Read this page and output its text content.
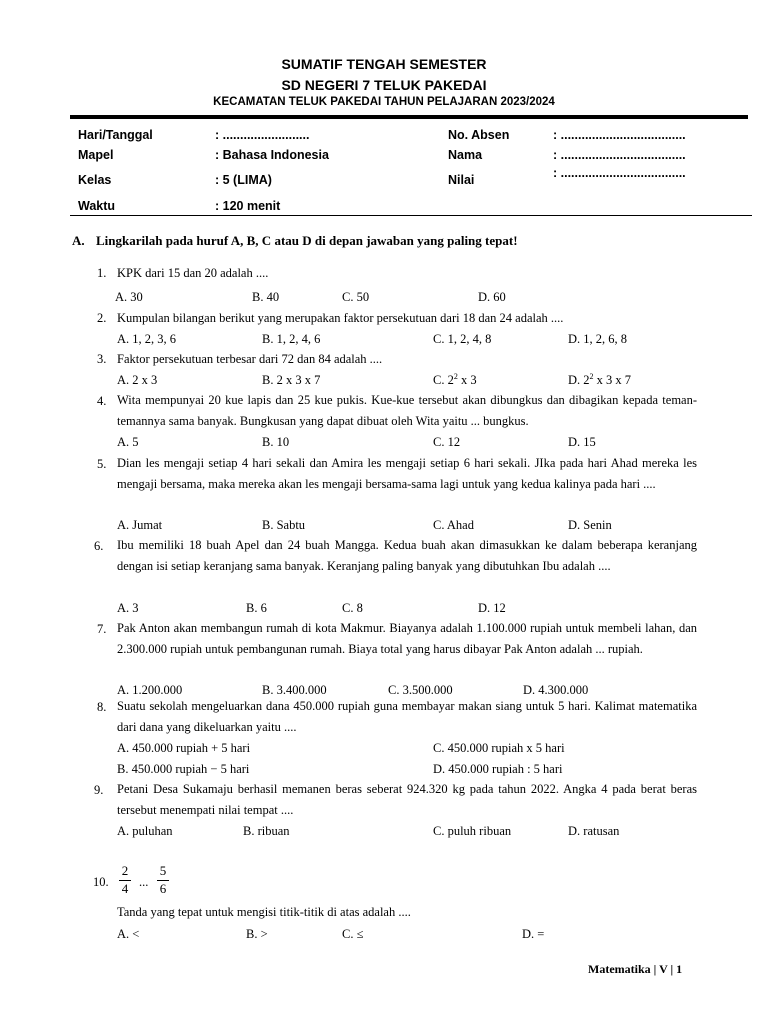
SUMATIF TENGAH SEMESTER
SD NEGERI 7 TELUK PAKEDAI
KECAMATAN TELUK PAKEDAI TAHUN PELAJARAN 2023/2024
Hari/Tanggal	: .........................
Mapel	: Bahasa Indonesia
Kelas	: 5 (LIMA)
Waktu	: 120 menit
No. Absen	: ....................................
Nama	: ....................................
Nilai	: ....................................
A. Lingkarilah pada huruf A, B, C atau D di depan jawaban yang paling tepat!
1. KPK dari 15 dan 20 adalah ....
A. 30	B. 40	C. 50	D. 60
2. Kumpulan bilangan berikut yang merupakan faktor persekutuan dari 18 dan 24 adalah ....
A. 1, 2, 3, 6	B. 1, 2, 4, 6	C. 1, 2, 4, 8	D. 1, 2, 6, 8
3. Faktor persekutuan terbesar dari 72 dan 84 adalah ....
A. 2 x 3	B. 2 x 3 x 7	C. $2^2$ x 3	D. $2^2$ x 3 x 7
4. Wita mempunyai 20 kue lapis dan 25 kue pukis. Kue-kue tersebut akan dibungkus dan dibagikan kepada teman-temannya sama banyak. Bungkusan yang dapat dibuat oleh Wita yaitu ... bungkus.
A. 5	B. 10	C. 12	D. 15
5. Dian les mengaji setiap 4 hari sekali dan Amira les mengaji setiap 6 hari sekali. JIka pada hari Ahad mereka les mengaji bersama, maka mereka akan les mengaji bersama-sama lagi untuk yang kedua kalinya pada hari ....
A. Jumat	B. Sabtu	C. Ahad	D. Senin
6. Ibu memiliki 18 buah Apel dan 24 buah Mangga. Kedua buah akan dimasukkan ke dalam beberapa keranjang dengan isi setiap keranjang sama banyak. Keranjang paling banyak yang dibutuhkan Ibu adalah ....
A. 3	B. 6	C. 8	D. 12
7. Pak Anton akan membangun rumah di kota Makmur. Biayanya adalah 1.100.000 rupiah untuk membeli lahan, dan 2.300.000 rupiah untuk pembangunan rumah. Biaya total yang harus dibayar Pak Anton adalah ... rupiah.
A. 1.200.000	B. 3.400.000	C. 3.500.000	D. 4.300.000
8. Suatu sekolah mengeluarkan dana 450.000 rupiah guna membayar makan siang untuk 5 hari. Kalimat matematika dari dana yang dikeluarkan yaitu ....
A. 450.000 rupiah + 5 hari	C. 450.000 rupiah x 5 hari
B. 450.000 rupiah − 5 hari	D. 450.000 rupiah : 5 hari
9. Petani Desa Sukamaju berhasil memanen beras seberat 924.320 kg pada tahun 2022. Angka 4 pada berat beras tersebut menempati nilai tempat ....
A. puluhan	B. ribuan	C. puluh ribuan	D. ratusan
10.
2
4 ...
5
6
Tanda yang tepat untuk mengisi titik-titik di atas adalah ....
A. <	B. >	C. ≤	D. =
Matematika | V | 1
